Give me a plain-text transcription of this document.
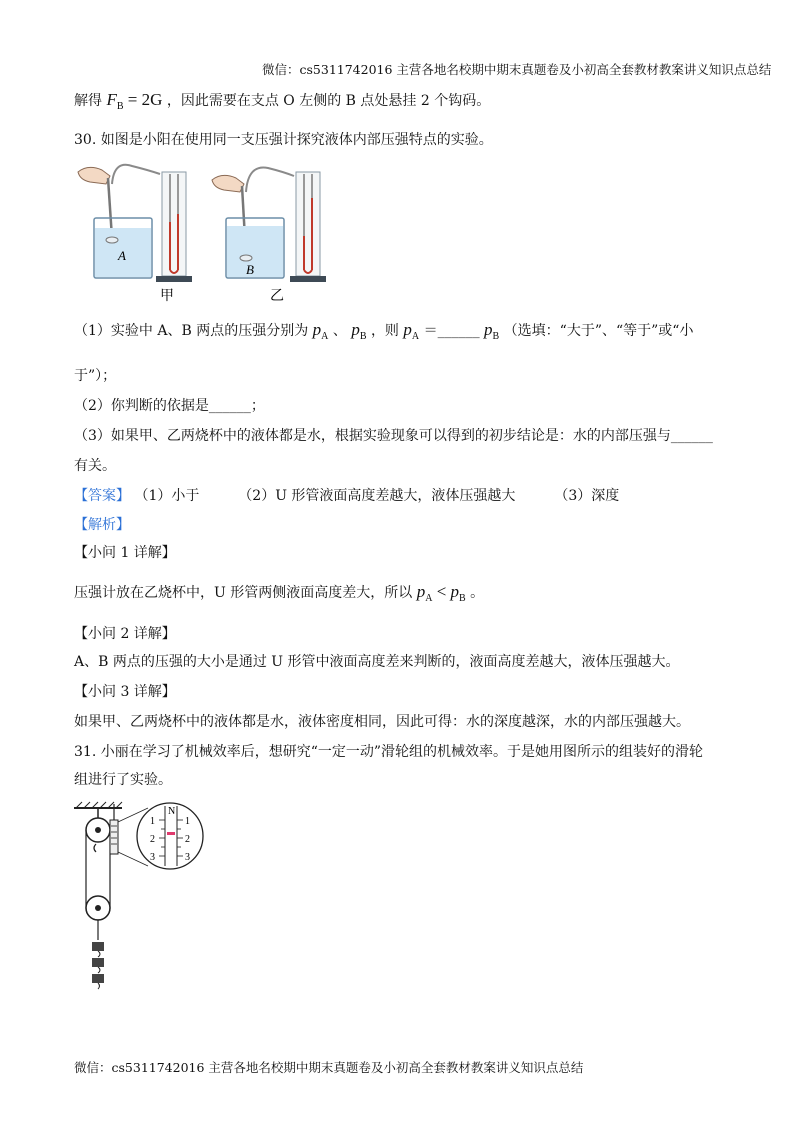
微信：cs5311742016 主营各地名校期中期末真题卷及小初高全套教材教案讲义知识点总结
解得 $F_B = 2G$ ，因此需要在支点 O 左侧的 B 点处悬挂 2 个钩码。
30. 如图是小阳在使用同一支压强计探究液体内部压强特点的实验。
A
甲
B
乙
（1）实验中 A、B 两点的压强分别为 $p_A$ 、 $p_B$ ，则 $p_A$ ＝______ $p_B$ （选填：“大于”、“等于”或“小
于”）；
（2）你判断的依据是______；
（3）如果甲、乙两烧杯中的液体都是水，根据实验现象可以得到的初步结论是：水的内部压强与______
有关。
【答案】 （1）小于	（2）U 形管液面高度差越大，液体压强越大	（3）深度
【解析】
【小问 1 详解】
压强计放在乙烧杯中，U 形管两侧液面高度差大，所以 $p_A < p_B$ 。
【小问 2 详解】
A、B 两点的压强的大小是通过 U 形管中液面高度差来判断的，液面高度差越大，液体压强越大。
【小问 3 详解】
如果甲、乙两烧杯中的液体都是水，液体密度相同，因此可得：水的深度越深，水的内部压强越大。
31. 小丽在学习了机械效率后，想研究“一定一动”滑轮组的机械效率。于是她用图所示的组装好的滑轮
组进行了实验。
N
1
2
3
1
2
3
微信：cs5311742016 主营各地名校期中期末真题卷及小初高全套教材教案讲义知识点总结
